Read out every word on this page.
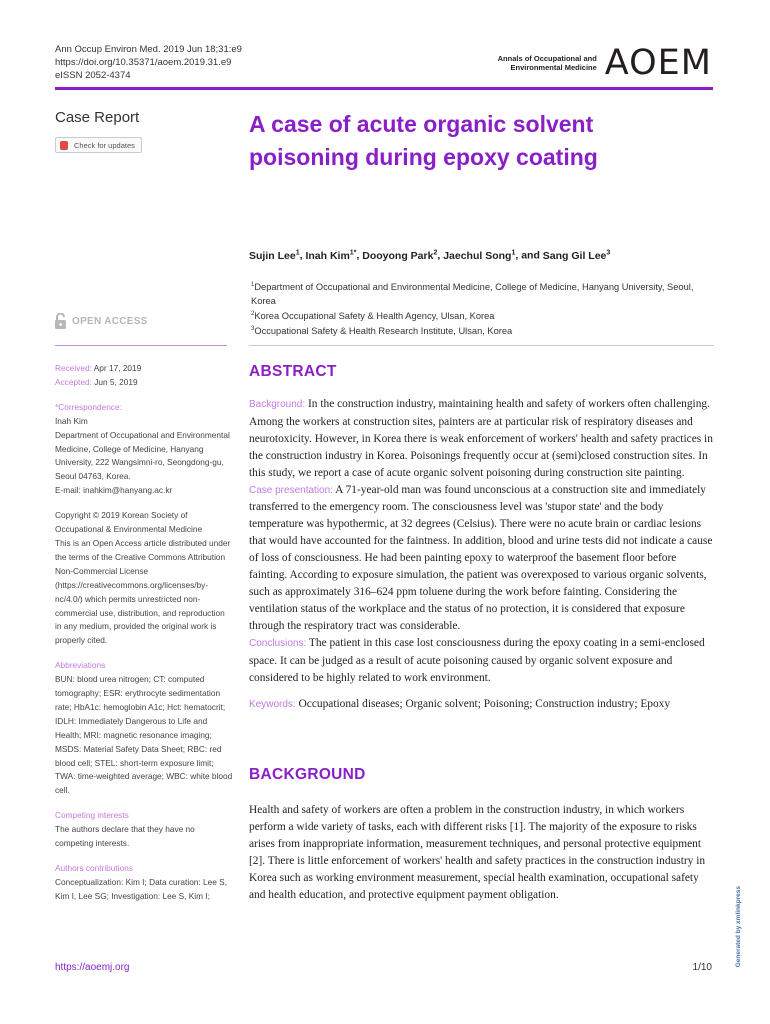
Ann Occup Environ Med. 2019 Jun 18;31:e9
https://doi.org/10.35371/aoem.2019.31.e9
eISSN 2052-4374
Annals of Occupational and
Environmental Medicine AOEM
Case Report
Check for updates
A case of acute organic solvent
poisoning during epoxy coating
Sujin Lee$^1$, Inah Kim$^{1*}$, Dooyong Park$^2$, Jaechul Song$^1$, and Sang Gil Lee$^3$
$^1$Department of Occupational and Environmental Medicine, College of Medicine, Hanyang University, Seoul, Korea
$^2$Korea Occupational Safety & Health Agency, Ulsan, Korea
$^3$Occupational Safety & Health Research Institute, Ulsan, Korea
OPEN ACCESS
Received: Apr 17, 2019
Accepted: Jun 5, 2019
*Correspondence:
Inah Kim
Department of Occupational and Environmental Medicine, College of Medicine, Hanyang University, 222 Wangsimni-ro, Seongdong-gu, Seoul 04763, Korea.
E-mail: inahkim@hanyang.ac.kr
Copyright © 2019 Korean Society of Occupational & Environmental Medicine
This is an Open Access article distributed under the terms of the Creative Commons Attribution Non-Commercial License (https://creativecommons.org/licenses/by-nc/4.0/) which permits unrestricted non-commercial use, distribution, and reproduction in any medium, provided the original work is properly cited.
Abbreviations
BUN: blood urea nitrogen; CT: computed tomography; ESR: erythrocyte sedimentation rate; HbA1c: hemoglobin A1c; Hct: hematocrit; IDLH: Immediately Dangerous to Life and Health; MRI: magnetic resonance imaging; MSDS: Material Safety Data Sheet; RBC: red blood cell; STEL: short-term exposure limit; TWA: time-weighted average; WBC: white blood cell.
Competing interests
The authors declare that they have no competing interests.
Authors contributions
Conceptualization: Kim I; Data curation: Lee S, Kim I, Lee SG; Investigation: Lee S, Kim I;
ABSTRACT
Background: In the construction industry, maintaining health and safety of workers often challenging. Among the workers at construction sites, painters are at particular risk of respiratory diseases and neurotoxicity. However, in Korea there is weak enforcement of workers' health and safety practices in the construction industry in Korea. Poisonings frequently occur at (semi)closed construction sites. In this study, we report a case of acute organic solvent poisoning during construction site painting.
Case presentation: A 71-year-old man was found unconscious at a construction site and immediately transferred to the emergency room. The consciousness level was 'stupor state' and the body temperature was hypothermic, at 32 degrees (Celsius). There were no acute brain or cardiac lesions that would have accounted for the faintness. In addition, blood and urine tests did not indicate a cause of loss of consciousness. He had been painting epoxy to waterproof the basement floor before fainting. According to exposure simulation, the patient was overexposed to various organic solvents, such as approximately 316–624 ppm toluene during the work before fainting. Considering the ventilation status of the workplace and the status of no protection, it is considered that exposure through the respiratory tract was considerable.
Conclusions: The patient in this case lost consciousness during the epoxy coating in a semi-enclosed space. It can be judged as a result of acute poisoning caused by organic solvent exposure and considered to be highly related to work environment.
Keywords: Occupational diseases; Organic solvent; Poisoning; Construction industry; Epoxy
BACKGROUND
Health and safety of workers are often a problem in the construction industry, in which workers perform a wide variety of tasks, each with different risks [1]. The majority of the exposure to risks arises from inappropriate information, measurement techniques, and personal protective equipment [2]. There is little enforcement of workers' health and safety practices in the construction industry in Korea such as working environment measurement, special health examination, occupational safety and health education, and protective equipment payment obligation.
https://aoemj.org	1/10
Generated by xmlinkpress
